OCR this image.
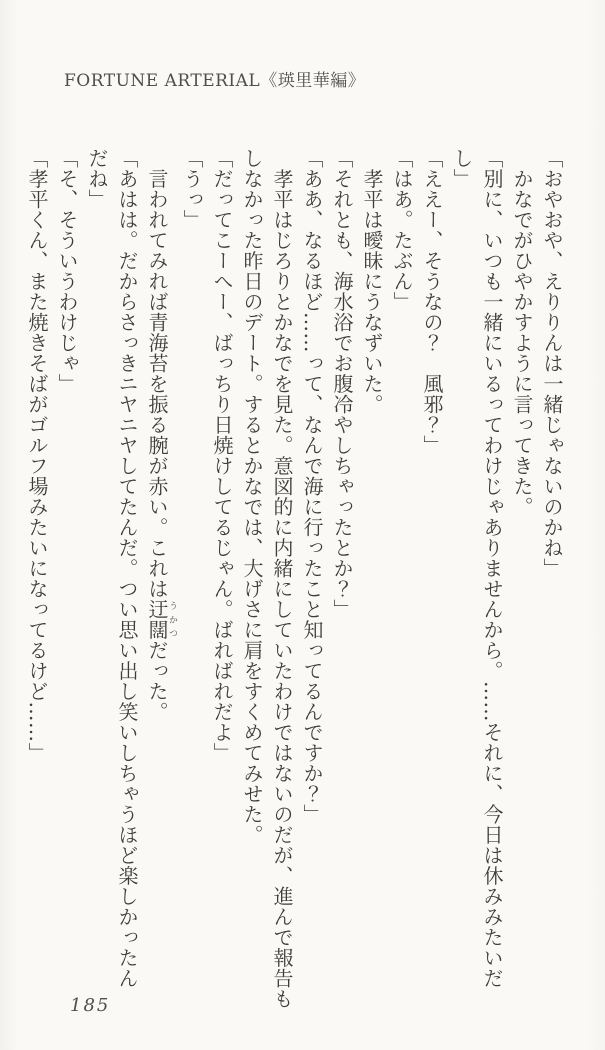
FORTUNE ARTERIAL《瑛里華編》

「おやおや、えりりんは一緒じゃないのかね」

　かなでがひやかすように言ってきた。

「別に、いつも一緒にいるってわけじゃありませんから。……それに、今日は休みみたいだし」

「ええー、そうなの？　風邪？」

「はあ。たぶん」

　孝平は曖昧にうなずいた。

「それとも、海水浴でお腹冷やしちゃったとか？」

「ああ、なるほど……って、なんで海に行ったこと知ってるんですか？」

　孝平はじろりとかなでを見た。意図的に内緒にしていたわけではないのだが、進んで報告も

しなかった昨日のデート。するとかなでは、大げさに肩をすくめてみせた。

「だってこーへー、ばっちり日焼けしてるじゃん。ばればれだよ」

「うっ」

　言われてみれば青海苔を振る腕が赤い。これは迂闊うかつだった。

「あはは。だからさっきニヤニヤしてたんだ。つい思い出し笑いしちゃうほど楽しかったん

だね」

「そ、そういうわけじゃ」

「孝平くん、また焼きそばがゴルフ場みたいになってるけど……」

185
